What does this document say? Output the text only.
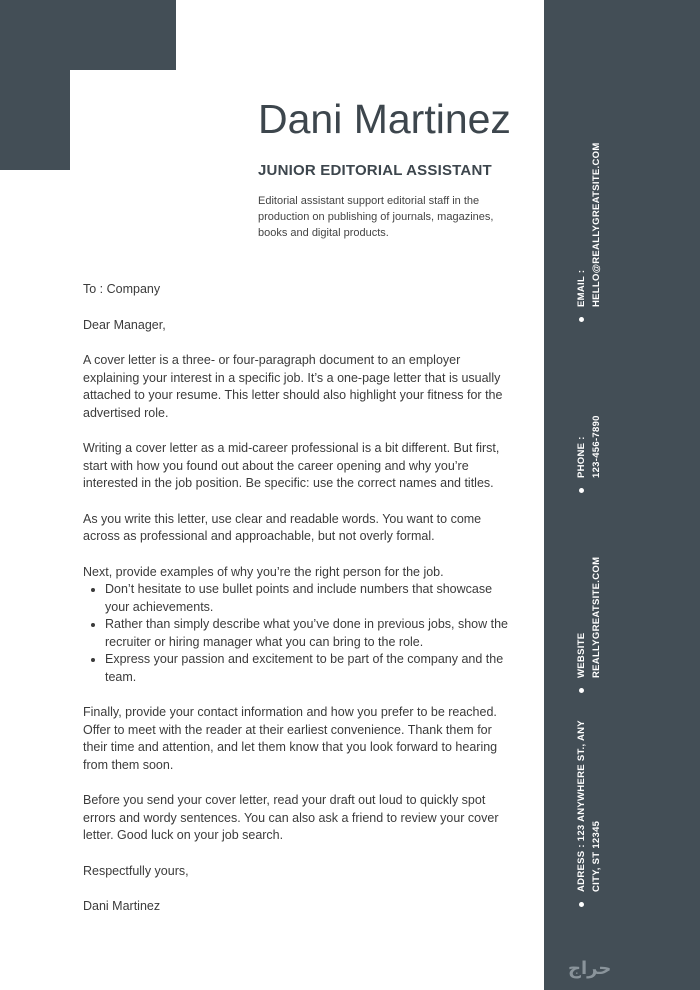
Dani Martinez
JUNIOR EDITORIAL ASSISTANT
Editorial assistant support editorial staff in the production on publishing of journals, magazines, books and digital products.

To : Company

Dear Manager,

A cover letter is a three- or four-paragraph document to an employer explaining your interest in a specific job. It’s a one-page letter that is usually attached to your resume. This letter should also highlight your fitness for the advertised role.

Writing a cover letter as a mid-career professional is a bit different. But first, start with how you found out about the career opening and why you’re interested in the job position. Be specific: use the correct names and titles.

As you write this letter, use clear and readable words. You want to come across as professional and approachable, but not overly formal.

Next, provide examples of why you’re the right person for the job.

• Don’t hesitate to use bullet points and include numbers that showcase your achievements.
• Rather than simply describe what you’ve done in previous jobs, show the recruiter or hiring manager what you can bring to the role.
• Express your passion and excitement to be part of the company and the team.

Finally, provide your contact information and how you prefer to be reached. Offer to meet with the reader at their earliest convenience. Thank them for their time and attention, and let them know that you look forward to hearing from them soon.

Before you send your cover letter, read your draft out loud to quickly spot errors and wordy sentences. You can also ask a friend to review your cover letter. Good luck on your job search.

Respectfully yours,

Dani Martinez

EMAIL : HELLO@REALLYGREATSITE.COM
PHONE : 123-456-7890
WEBSITE REALLYGREATSITE.COM
ADRESS : 123 ANYWHERE ST., ANY CITY, ST 12345
حراج
